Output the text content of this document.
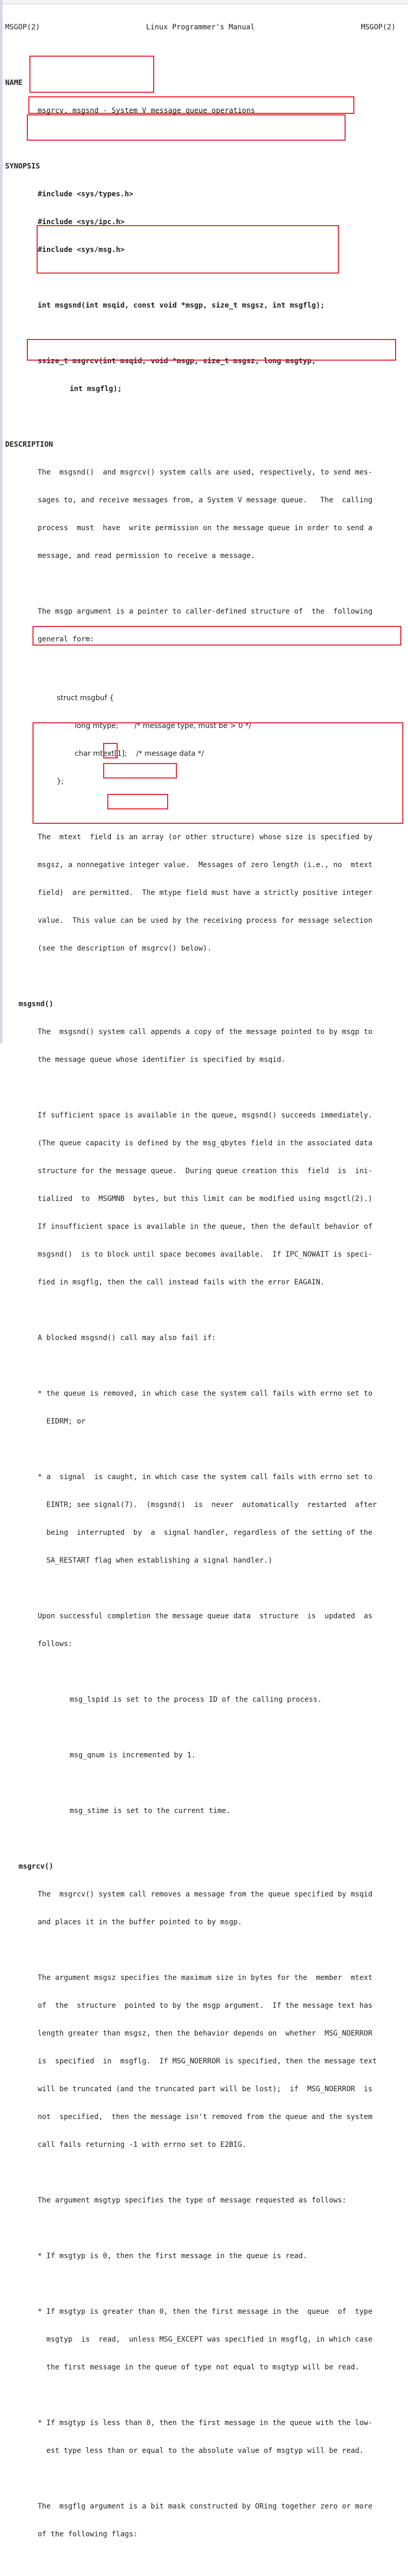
MSGOP(2)	Linux Programmer's Manual	MSGOP(2)

NAME

msgrcv, msgsnd - System V message queue operations

SYNOPSIS

#include <sys/types.h>

#include <sys/ipc.h>

#include <sys/msg.h>

int msgsnd(int msqid, const void *msgp, size_t msgsz, int msgflg);

ssize_t msgrcv(int msqid, void *msgp, size_t msgsz, long msgtyp,

int msgflg);

DESCRIPTION

The  msgsnd()  and msgrcv() system calls are used, respectively, to send mes-

sages to, and receive messages from, a System V message queue.   The  calling

process  must  have  write permission on the message queue in order to send a

message, and read permission to receive a message.

The msgp argument is a pointer to caller-defined structure of  the  following

general form:

struct msgbuf {

long mtype;       /* message type, must be > 0 */

char mtext[1];    /* message data */

};

The  mtext  field is an array (or other structure) whose size is specified by

msgsz, a nonnegative integer value.  Messages of zero length (i.e., no  mtext

field)  are permitted.  The mtype field must have a strictly positive integer

value.  This value can be used by the receiving process for message selection

(see the description of msgrcv() below).

msgsnd()

The  msgsnd() system call appends a copy of the message pointed to by msgp to

the message queue whose identifier is specified by msqid.

If sufficient space is available in the queue, msgsnd() succeeds immediately.

(The queue capacity is defined by the msg_qbytes field in the associated data

structure for the message queue.  During queue creation this  field  is  ini-

tialized  to  MSGMNB  bytes, but this limit can be modified using msgctl(2).)

If insufficient space is available in the queue, then the default behavior of

msgsnd()  is to block until space becomes available.  If IPC_NOWAIT is speci-

fied in msgflg, then the call instead fails with the error EAGAIN.

A blocked msgsnd() call may also fail if:

* the queue is removed, in which case the system call fails with errno set to

EIDRM; or

* a  signal  is caught, in which case the system call fails with errno set to

EINTR; see signal(7).  (msgsnd()  is  never  automatically  restarted  after

being  interrupted  by  a  signal handler, regardless of the setting of the

SA_RESTART flag when establishing a signal handler.)

Upon successful completion the message queue data  structure  is  updated  as

follows:

msg_lspid is set to the process ID of the calling process.

msg_qnum is incremented by 1.

msg_stime is set to the current time.

msgrcv()

The  msgrcv() system call removes a message from the queue specified by msqid

and places it in the buffer pointed to by msgp.

The argument msgsz specifies the maximum size in bytes for the  member  mtext

of  the  structure  pointed to by the msgp argument.  If the message text has

length greater than msgsz, then the behavior depends on  whether  MSG_NOERROR

is  specified  in  msgflg.  If MSG_NOERROR is specified, then the message text

will be truncated (and the truncated part will be lost);  if  MSG_NOERROR  is

not  specified,  then the message isn't removed from the queue and the system

call fails returning -1 with errno set to E2BIG.

The argument msgtyp specifies the type of message requested as follows:

* If msgtyp is 0, then the first message in the queue is read.

* If msgtyp is greater than 0, then the first message in the  queue  of  type

msgtyp  is  read,  unless MSG_EXCEPT was specified in msgflg, in which case

the first message in the queue of type not equal to msgtyp will be read.

* If msgtyp is less than 0, then the first message in the queue with the low-

est type less than or equal to the absolute value of msgtyp will be read.

The  msgflg argument is a bit mask constructed by ORing together zero or more

of the following flags:
